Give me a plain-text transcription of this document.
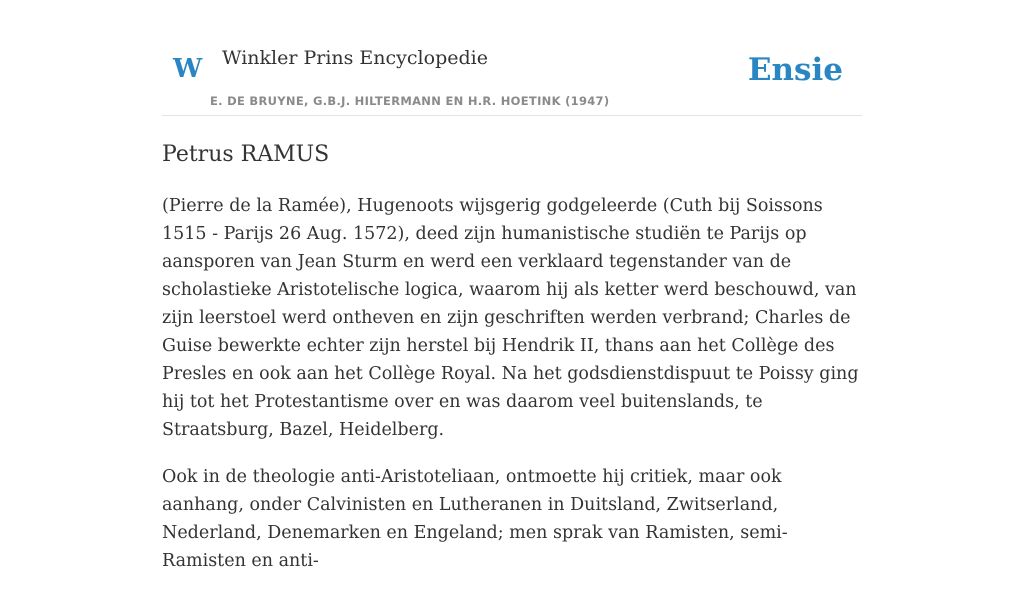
W Winkler Prins Encyclopedie
E. DE BRUYNE, G.B.J. HILTERMANN EN H.R. HOETINK (1947)
Ensie
Petrus RAMUS

(Pierre de la Ramée), Hugenoots wijsgerig godgeleerde (Cuth bij Soissons 1515 - Parijs 26 Aug. 1572), deed zijn humanistische studiën te Parijs op aansporen van Jean Sturm en werd een verklaard tegenstander van de scholastieke Aristotelische logica, waarom hij als ketter werd beschouwd, van zijn leerstoel werd ontheven en zijn geschriften werden verbrand; Charles de Guise bewerkte echter zijn herstel bij Hendrik II, thans aan het Collège des Presles en ook aan het Collège Royal. Na het godsdienstdispuut te Poissy ging hij tot het Protestantisme over en was daarom veel buitenslands, te Straatsburg, Bazel, Heidelberg.

Ook in de theologie anti-Aristoteliaan, ontmoette hij critiek, maar ook aanhang, onder Calvinisten en Lutheranen in Duitsland, Zwitserland, Nederland, Denemarken en Engeland; men sprak van Ramisten, semi-Ramisten en anti-
